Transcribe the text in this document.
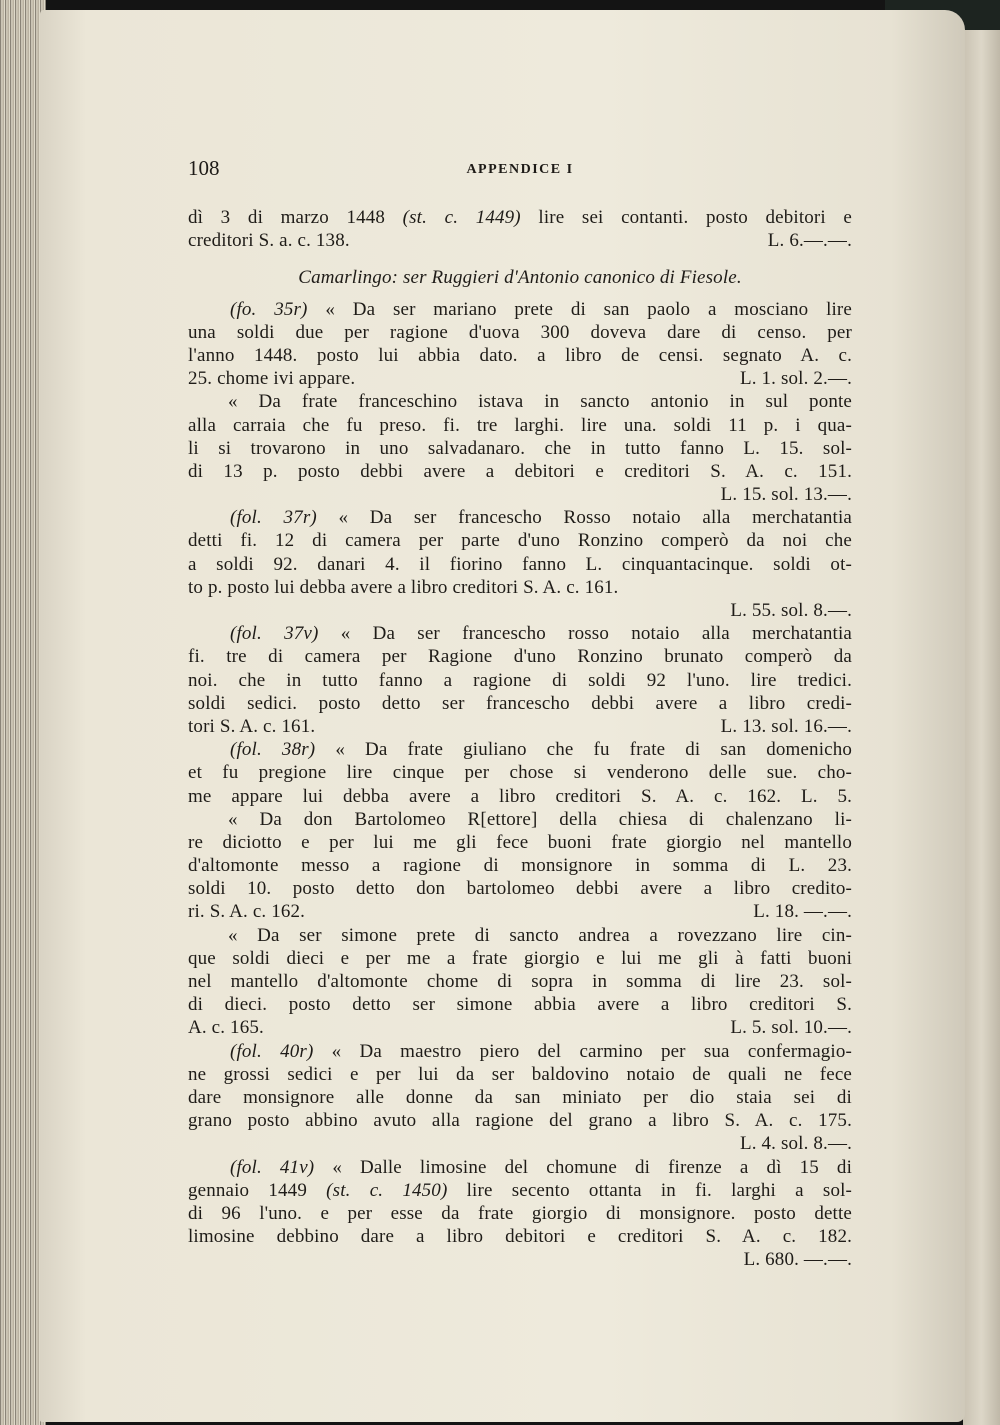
108	APPENDICE I
dì 3 di marzo 1448 (st. c. 1449) lire sei contanti. posto debitori e
creditori S. a. c. 138.	L. 6.—.—.
Camarlingo: ser Ruggieri d'Antonio canonico di Fiesole.
(fo. 35r) « Da ser mariano prete di san paolo a mosciano lire
una soldi due per ragione d'uova 300 doveva dare di censo. per
l'anno 1448. posto lui abbia dato. a libro de censi. segnato A. c.
25. chome ivi appare.	L. 1. sol. 2.—.
« Da frate franceschino istava in sancto antonio in sul ponte
alla carraia che fu preso. fi. tre larghi. lire una. soldi 11 p. i qua-
li si trovarono in uno salvadanaro. che in tutto fanno L. 15. sol-
di 13 p. posto debbi avere a debitori e creditori S. A. c. 151.
L. 15. sol. 13.—.
(fol. 37r) « Da ser francescho Rosso notaio alla merchatantia
detti fi. 12 di camera per parte d'uno Ronzino comperò da noi che
a soldi 92. danari 4. il fiorino fanno L. cinquantacinque. soldi ot-
to p. posto lui debba avere a libro creditori S. A. c. 161.
L. 55. sol. 8.—.
(fol. 37v) « Da ser francescho rosso notaio alla merchatantia
fi. tre di camera per Ragione d'uno Ronzino brunato comperò da
noi. che in tutto fanno a ragione di soldi 92 l'uno. lire tredici.
soldi sedici. posto detto ser francescho debbi avere a libro credi-
tori S. A. c. 161.	L. 13. sol. 16.—.
(fol. 38r) « Da frate giuliano che fu frate di san domenicho
et fu pregione lire cinque per chose si venderono delle sue. cho-
me appare lui debba avere a libro creditori S. A. c. 162. L. 5.
« Da don Bartolomeo R[ettore] della chiesa di chalenzano li-
re diciotto e per lui me gli fece buoni frate giorgio nel mantello
d'altomonte messo a ragione di monsignore in somma di L. 23.
soldi 10. posto detto don bartolomeo debbi avere a libro credito-
ri. S. A. c. 162.	L. 18. —.—.
« Da ser simone prete di sancto andrea a rovezzano lire cin-
que soldi dieci e per me a frate giorgio e lui me gli à fatti buoni
nel mantello d'altomonte chome di sopra in somma di lire 23. sol-
di dieci. posto detto ser simone abbia avere a libro creditori S.
A. c. 165.	L. 5. sol. 10.—.
(fol. 40r) « Da maestro piero del carmino per sua confermagio-
ne grossi sedici e per lui da ser baldovino notaio de quali ne fece
dare monsignore alle donne da san miniato per dio staia sei di
grano posto abbino avuto alla ragione del grano a libro S. A. c. 175.
L. 4. sol. 8.—.
(fol. 41v) « Dalle limosine del chomune di firenze a dì 15 di
gennaio 1449 (st. c. 1450) lire secento ottanta in fi. larghi a sol-
di 96 l'uno. e per esse da frate giorgio di monsignore. posto dette
limosine debbino dare a libro debitori e creditori S. A. c. 182.
L. 680. —.—.
